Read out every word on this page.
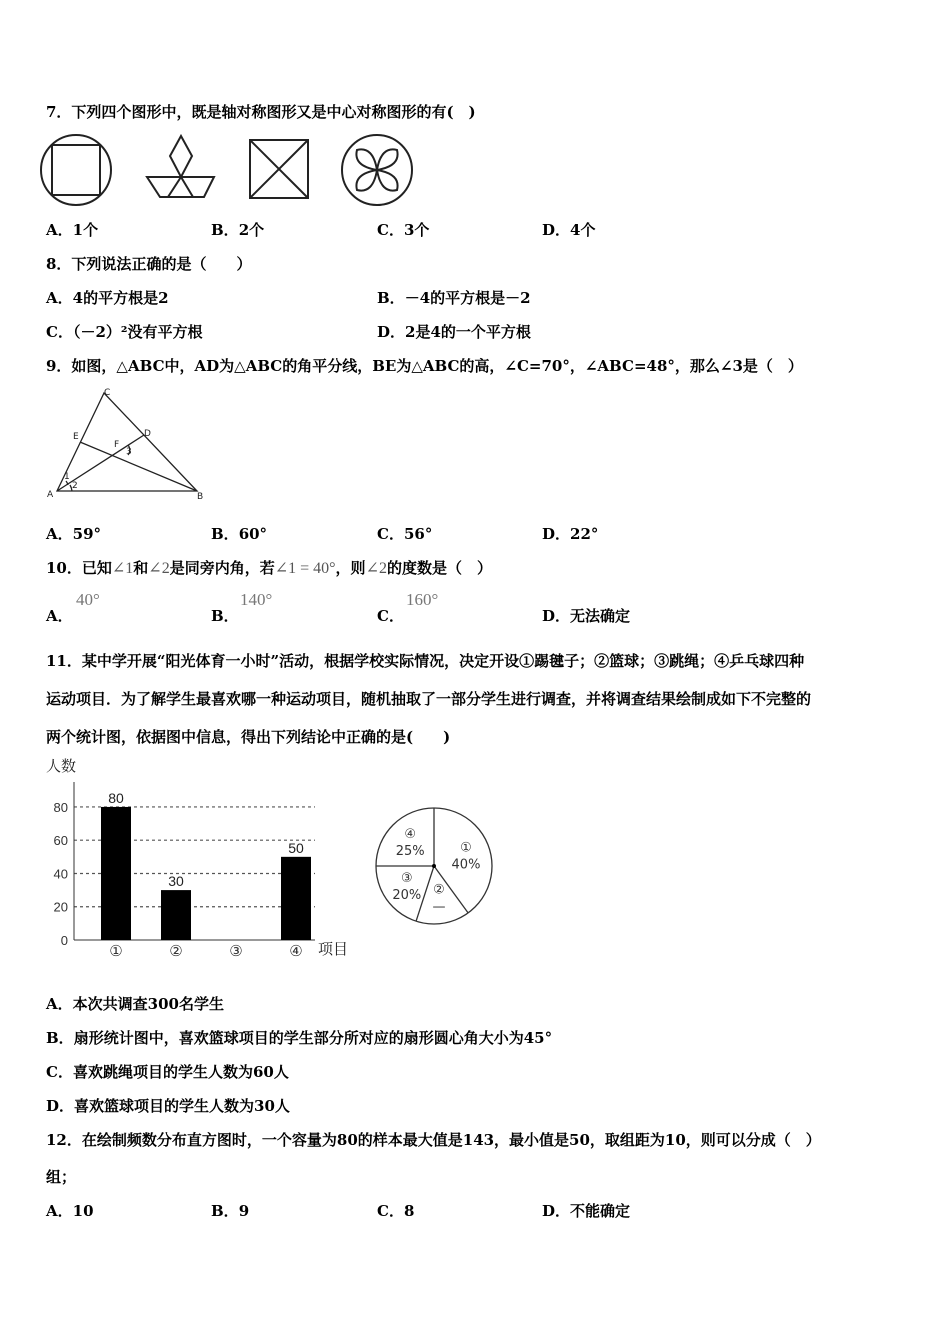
7．下列四个图形中，既是轴对称图形又是中心对称图形的有(　)
A．1个	B．2个	C．3个	D．4个
8．下列说法正确的是（　　）
A．4的平方根是2	B．－4的平方根是－2
C．（－2）²没有平方根	D．2是4的一个平方根
9．如图，△ABC中，AD为△ABC的角平分线，BE为△ABC的高，∠C=70°，∠ABC=48°，那么∠3是（　）
A	B
C
D
E
F
1
2
3
A．59°	B．60°	C．56°	D．22°
10．已知∠1和∠2是同旁内角，若∠1 = 40°，则∠2的度数是（　）
A．
40°
B．
140°
C．
160°
D．无法确定
11．某中学开展“阳光体育一小时”活动，根据学校实际情况，决定开设①踢毽子；②篮球；③跳绳；④乒乓球四种
运动项目．为了解学生最喜欢哪一种运动项目，随机抽取了一部分学生进行调查，并将调查结果绘制成如下不完整的
两个统计图，依据图中信息，得出下列结论中正确的是(　　)
人数
项目
0
20
40
60
80
80
30
50
①	②	③	④
①
40%
②
—
③
20%
④
25%
A．本次共调查300名学生
B．扇形统计图中，喜欢篮球项目的学生部分所对应的扇形圆心角大小为45°
C．喜欢跳绳项目的学生人数为60人
D．喜欢篮球项目的学生人数为30人
12．在绘制频数分布直方图时，一个容量为80的样本最大值是143，最小值是50，取组距为10，则可以分成（　）
组；
A．10	B．9	C．8	D．不能确定
